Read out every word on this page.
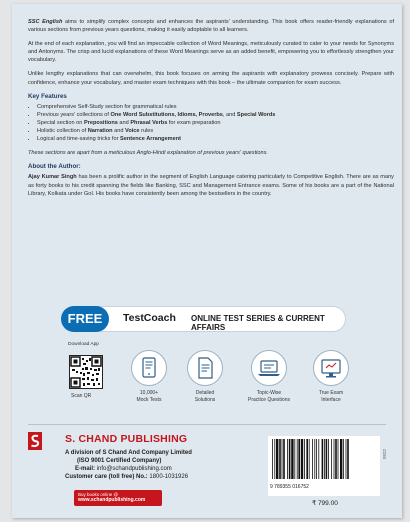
SSC English aims to simplify complex concepts and enhances the aspirants' understanding. This book offers reader-friendly explanations of various sections from previous years questions, making it easily adoptable to all learners.

At the end of each explanation, you will find an impeccable collection of Word Meanings, meticulously curated to cater to your needs for Synonyms and Antonyms. The crisp and lucid explanations of these Word Meanings serve as an added benefit, empowering you to effortlessly strengthen your vocabulary.

Unlike lengthy explanations that can overwhelm, this book focuses on arming the aspirants with explanatory prowess concisely. Prepare with confidence, enhance your vocabulary, and master exam techniques with this book – the ultimate companion for exam success.

Key Features
• Comprehensive Self-Study section for grammatical rules
• Previous years' collections of One Word Substitutions, Idioms, Proverbs, and Special Words
• Special section on Prepositions and Phrasal Verbs for exam preparation
• Holistic collection of Narration and Voice rules
• Logical and time-saving tricks for Sentence Arrangement

These sections are apart from a meticulous Anglo-Hindi explanation of previous years' questions.

About the Author:

Ajay Kumar Singh has been a prolific author in the segment of English Language catering particularly to Competitive English. There are as many as forty books to his credit spanning the fields like Banking, SSC and Management Entrance exams. Some of his books are a part of the National Library, Kolkata under GoI. His books have consistently been among the bestsellers in the country.

FREE	TestCoach ONLINE TEST SERIES & CURRENT AFFAIRS
Download App
Scan QR	10,000+
Mock Tests
Detailed
Solutions
Topic-Wise
Practice Questions
True Exam
Interface
S. CHAND PUBLISHING
A division of S Chand And Company Limited
(ISO 9001 Certified Company)
E-mail: info@schandpublishing.com
Customer care (toll free) No.: 1800-1031926
Buy books online @
www.schandpublishing.com
9 789355 016752
0922
₹ 799.00
